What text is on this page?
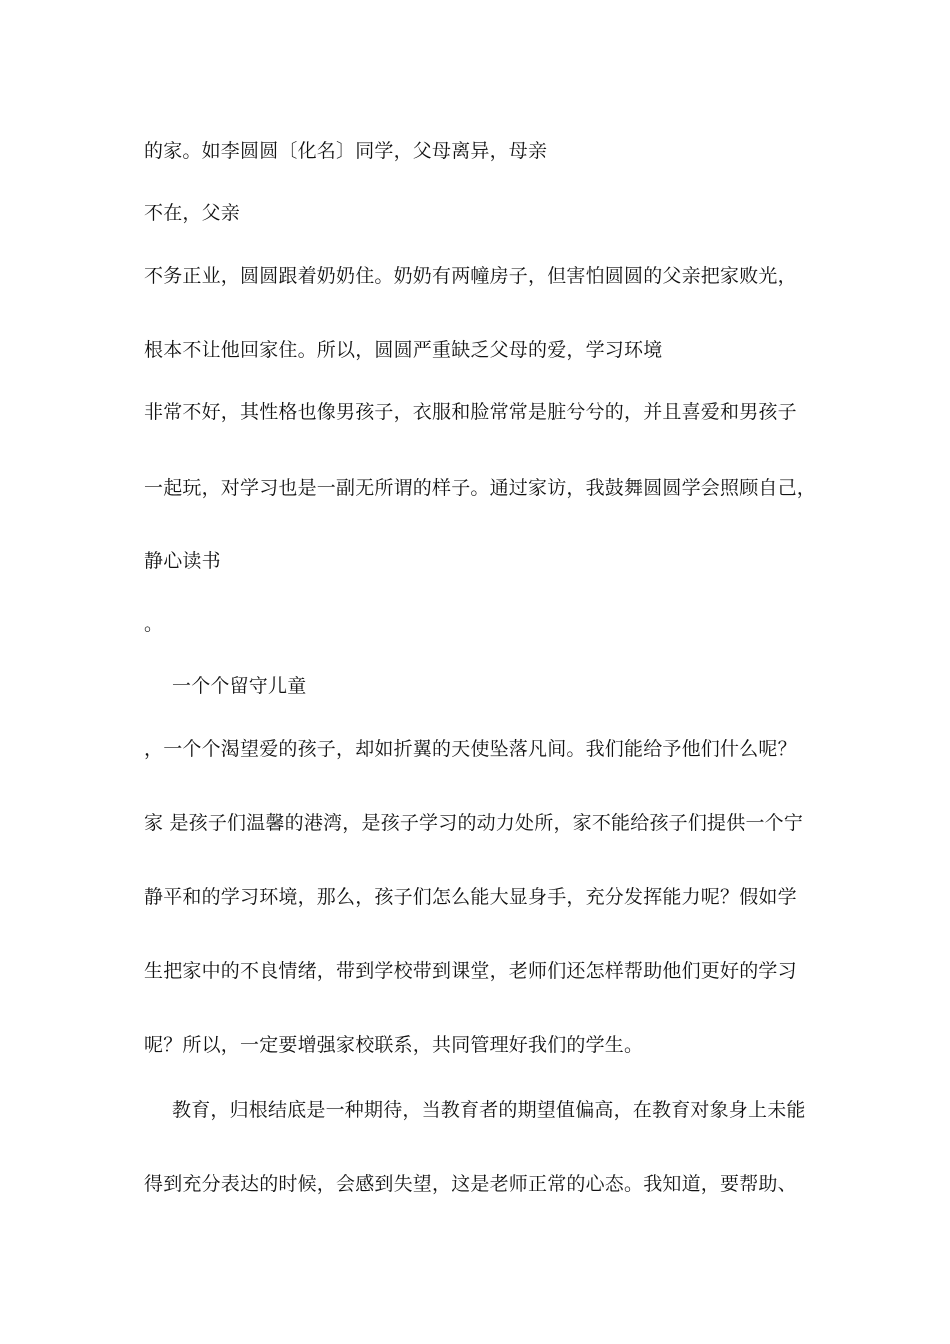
的家。如李圆圆〔化名〕同学，父母离异，母亲
不在，父亲
不务正业，圆圆跟着奶奶住。奶奶有两幢房子，但害怕圆圆的父亲把家败光，
根本不让他回家住。所以，圆圆严重缺乏父母的爱，学习环境
非常不好，其性格也像男孩子，衣服和脸常常是脏兮兮的，并且喜爱和男孩子
一起玩，对学习也是一副无所谓的样子。通过家访，我鼓舞圆圆学会照顾自己，
静心读书
。
一个个留守儿童
，一个个渴望爱的孩子，却如折翼的天使坠落凡间。我们能给予他们什么呢？
家 是孩子们温馨的港湾，是孩子学习的动力处所，家不能给孩子们提供一个宁
静平和的学习环境，那么，孩子们怎么能大显身手，充分发挥能力呢？假如学
生把家中的不良情绪，带到学校带到课堂，老师们还怎样帮助他们更好的学习
呢？所以，一定要增强家校联系，共同管理好我们的学生。
教育，归根结底是一种期待，当教育者的期望值偏高，在教育对象身上未能
得到充分表达的时候，会感到失望，这是老师正常的心态。我知道，要帮助、
